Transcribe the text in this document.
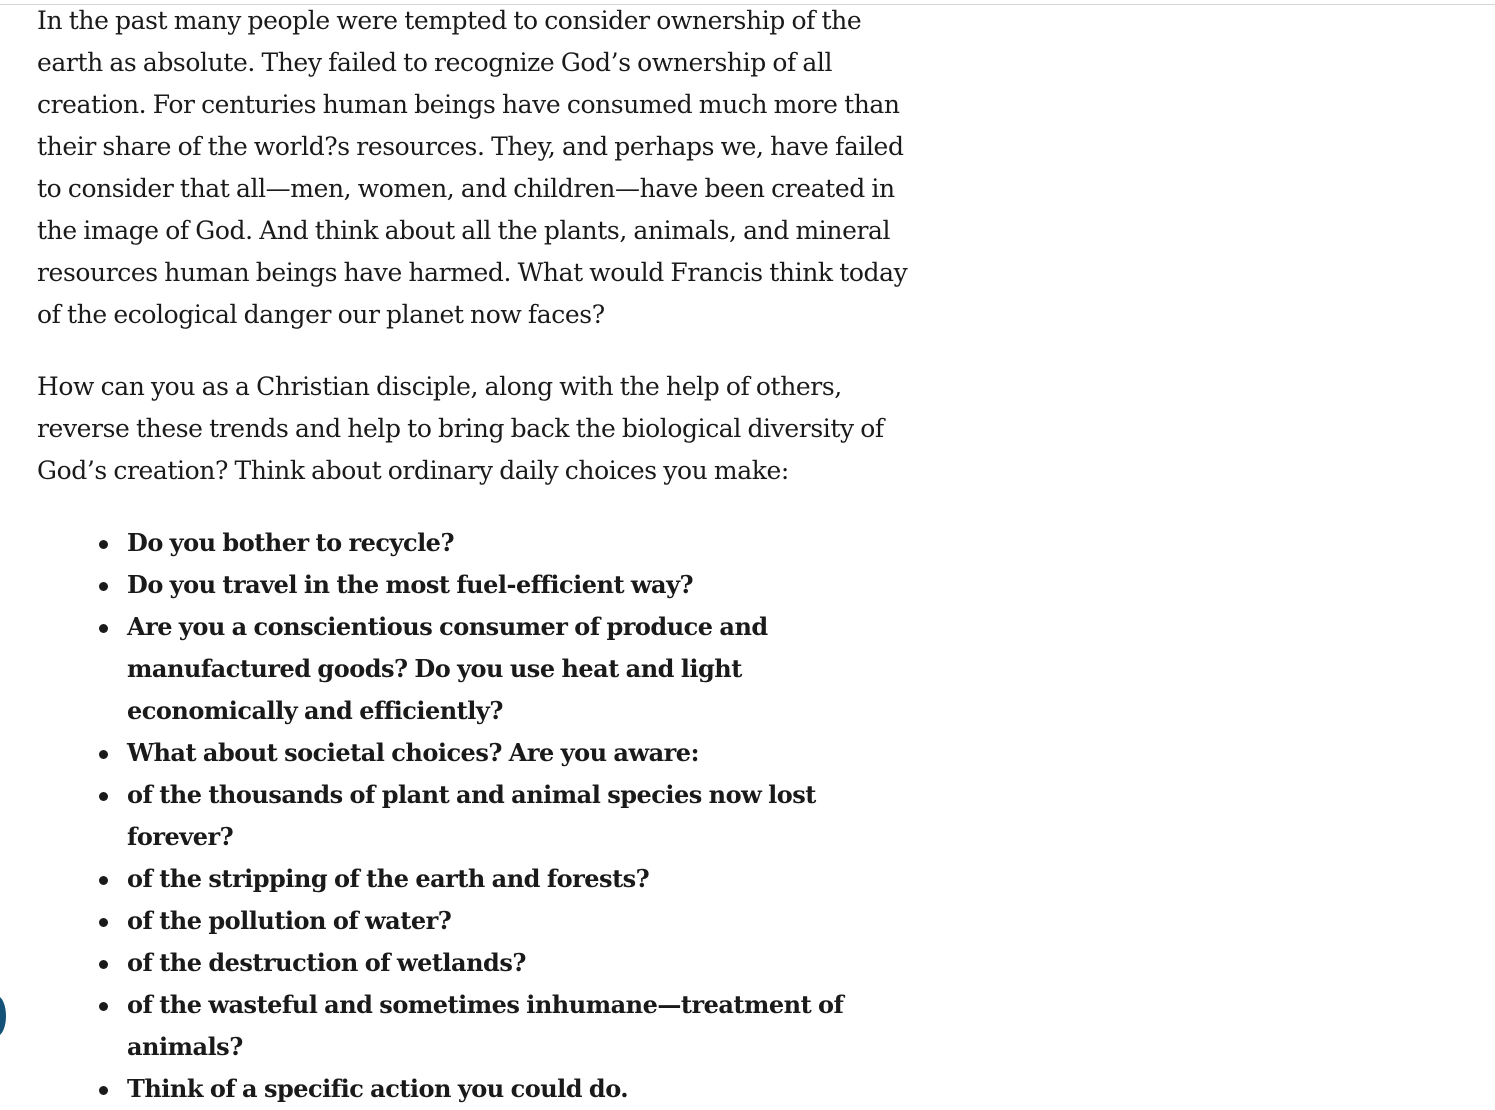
In the past many people were tempted to consider ownership of the earth as absolute. They failed to recognize God’s ownership of all creation. For centuries human beings have consumed much more than their share of the world?s resources. They, and perhaps we, have failed to consider that all—men, women, and children—have been created in the image of God. And think about all the plants, animals, and mineral resources human beings have harmed. What would Francis think today of the ecological danger our planet now faces?

How can you as a Christian disciple, along with the help of others, reverse these trends and help to bring back the biological diversity of God’s creation? Think about ordinary daily choices you make:

Do you bother to recycle?
Do you travel in the most fuel-efficient way?
Are you a conscientious consumer of produce and manufactured goods? Do you use heat and light economically and efficiently?
What about societal choices? Are you aware:
of the thousands of plant and animal species now lost forever?
of the stripping of the earth and forests?
of the pollution of water?
of the destruction of wetlands?
of the wasteful and sometimes inhumane—treatment of animals?
Think of a specific action you could do.
